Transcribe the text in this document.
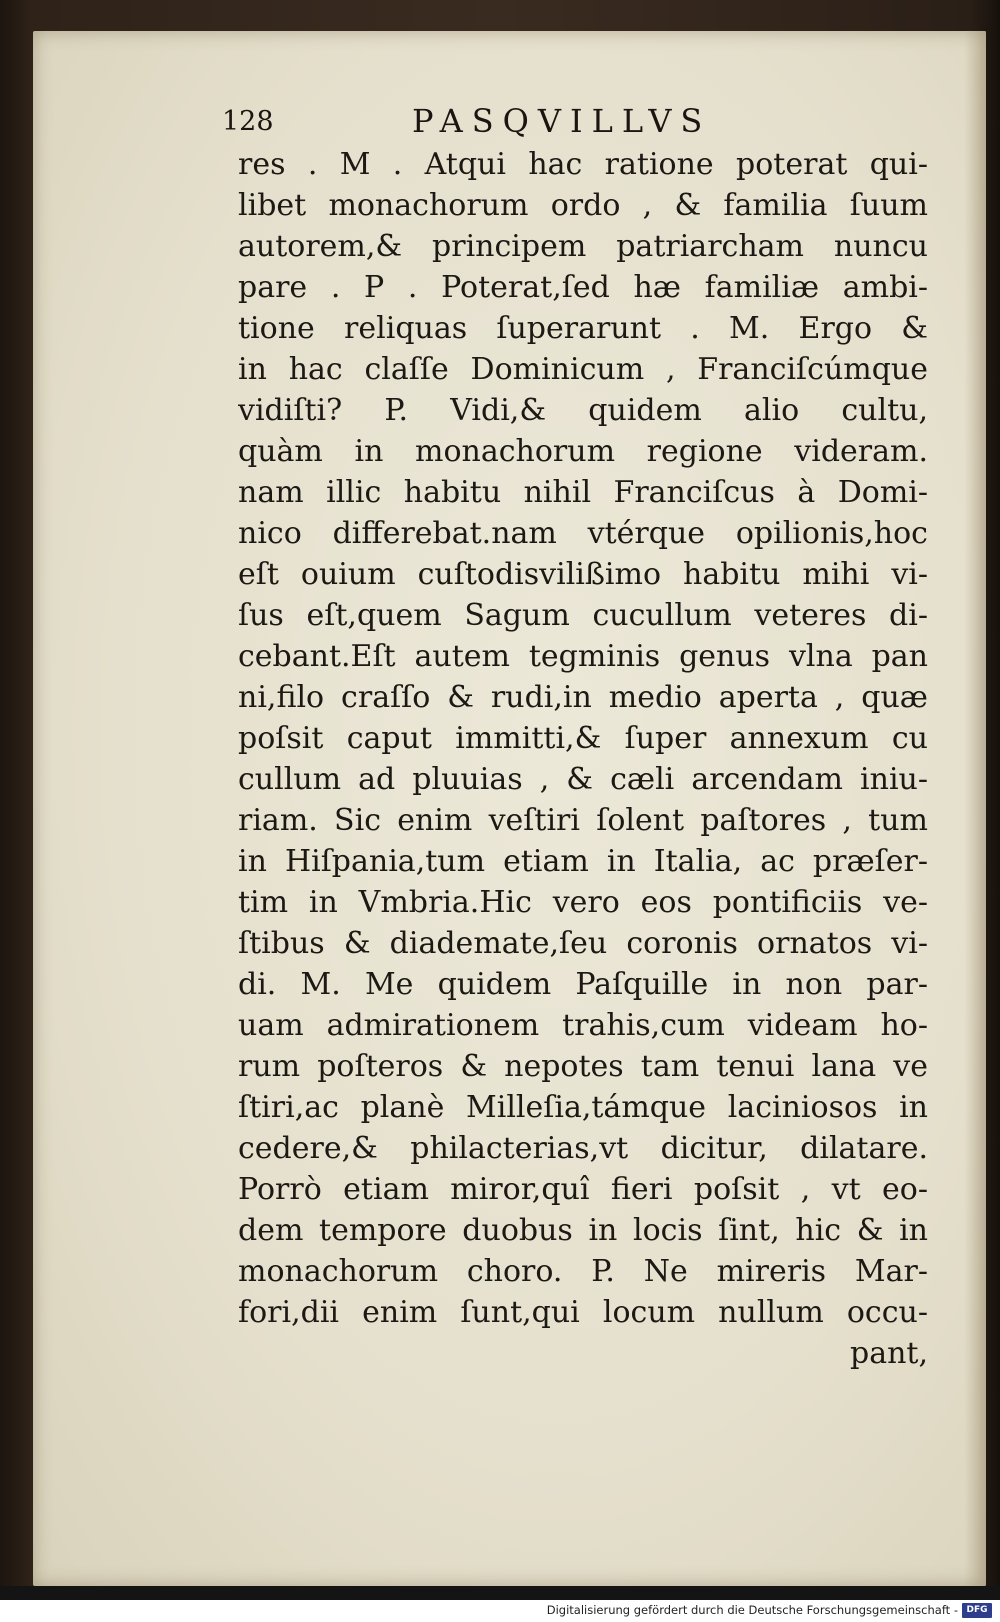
128	PASQVILLVS
res . M . Atqui hac ratione poterat qui-
libet monachorum ordo , & familia ſuum
autorem,& principem patriarcham nuncu
pare . P . Poterat,ſed hæ familiæ ambi-
tione reliquas ſuperarunt . M. Ergo &
in hac claſſe Dominicum , Franciſcúmque
vidiſti? P. Vidi,& quidem alio cultu,
quàm in monachorum regione videram.
nam illic habitu nihil Franciſcus à Domi-
nico differebat.nam vtérque opilionis,hoc
eſt ouium cuſtodisvilißimo habitu mihi vi-
ſus eſt,quem Sagum cucullum veteres di-
cebant.Eſt autem tegminis genus vlna pan
ni,filo craſſo & rudi,in medio aperta , quæ
poſsit caput immitti,& ſuper annexum cu
cullum ad pluuias , & cæli arcendam iniu-
riam. Sic enim veſtiri ſolent paſtores , tum
in Hiſpania,tum etiam in Italia, ac præſer-
tim in Vmbria.Hic vero eos pontificiis ve-
ſtibus & diademate,ſeu coronis ornatos vi-
di. M. Me quidem Paſquille in non par-
uam admirationem trahis,cum videam ho-
rum poſteros & nepotes tam tenui lana ve
ſtiri,ac planè Milleſia,támque laciniosos in
cedere,& philacterias,vt dicitur, dilatare.
Porrò etiam miror,quî fieri poſsit , vt eo-
dem tempore duobus in locis ſint, hic & in
monachorum choro. P. Ne mireris Mar-
fori,dii enim ſunt,qui locum nullum occu-
pant,
Digitalisierung gefördert durch die Deutsche Forschungsgemeinschaft - DFG
